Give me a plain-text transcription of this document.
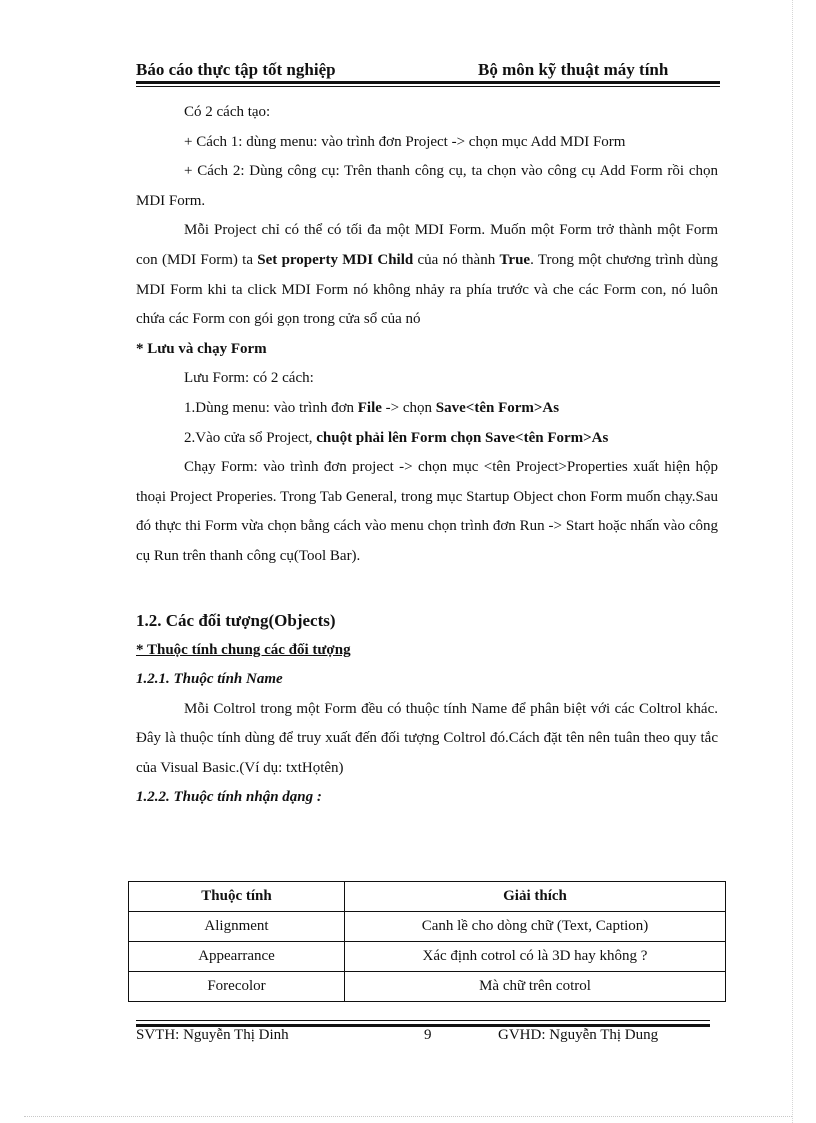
Báo cáo thực tập tốt nghiệp	Bộ môn kỹ thuật máy tính

Có 2 cách tạo:

+ Cách 1: dùng menu: vào trình đơn Project -> chọn mục Add MDI Form

+ Cách 2: Dùng công cụ: Trên thanh công cụ, ta chọn vào công cụ Add Form rồi chọn MDI Form.

Mỗi Project chỉ có thể có tối đa một MDI Form. Muốn một Form trở thành một Form con (MDI Form) ta Set property MDI Child của nó thành True. Trong một chương trình dùng MDI Form khi ta click MDI Form nó không nhảy ra phía trước và che các Form con, nó luôn chứa các Form con gói gọn trong cửa sổ của nó

* Lưu và chạy Form

Lưu Form: có 2 cách:

1.Dùng menu: vào trình đơn File -> chọn Save<tên Form>As

2.Vào cửa sổ Project, chuột phải lên Form chọn Save<tên Form>As

Chạy Form: vào trình đơn project -> chọn mục <tên Project>Properties xuất hiện hộp thoại Project Properies. Trong Tab General, trong mục Startup Object chon Form muốn chạy.Sau đó thực thi Form vừa chọn bằng cách vào menu chọn trình đơn Run -> Start hoặc nhấn vào công cụ Run trên thanh công cụ(Tool Bar).

1.2. Các đối tượng(Objects)

* Thuộc tính chung các đối tượng

1.2.1. Thuộc tính Name

Mỗi Coltrol trong một Form đều có thuộc tính Name để phân biệt với các Coltrol khác. Đây là thuộc tính dùng để truy xuất đến đối tượng Coltrol đó.Cách đặt tên nên tuân theo quy tắc của Visual Basic.(Ví dụ: txtHọtên)

1.2.2. Thuộc tính nhận dạng :

Thuộc tính	Giải thích
Alignment	Canh lề cho dòng chữ (Text, Caption)
Appearrance	Xác định cotrol có là 3D hay không ?
Forecolor	Mà chữ trên cotrol
SVTH: Nguyễn Thị Dinh	9	GVHD: Nguyễn Thị Dung
